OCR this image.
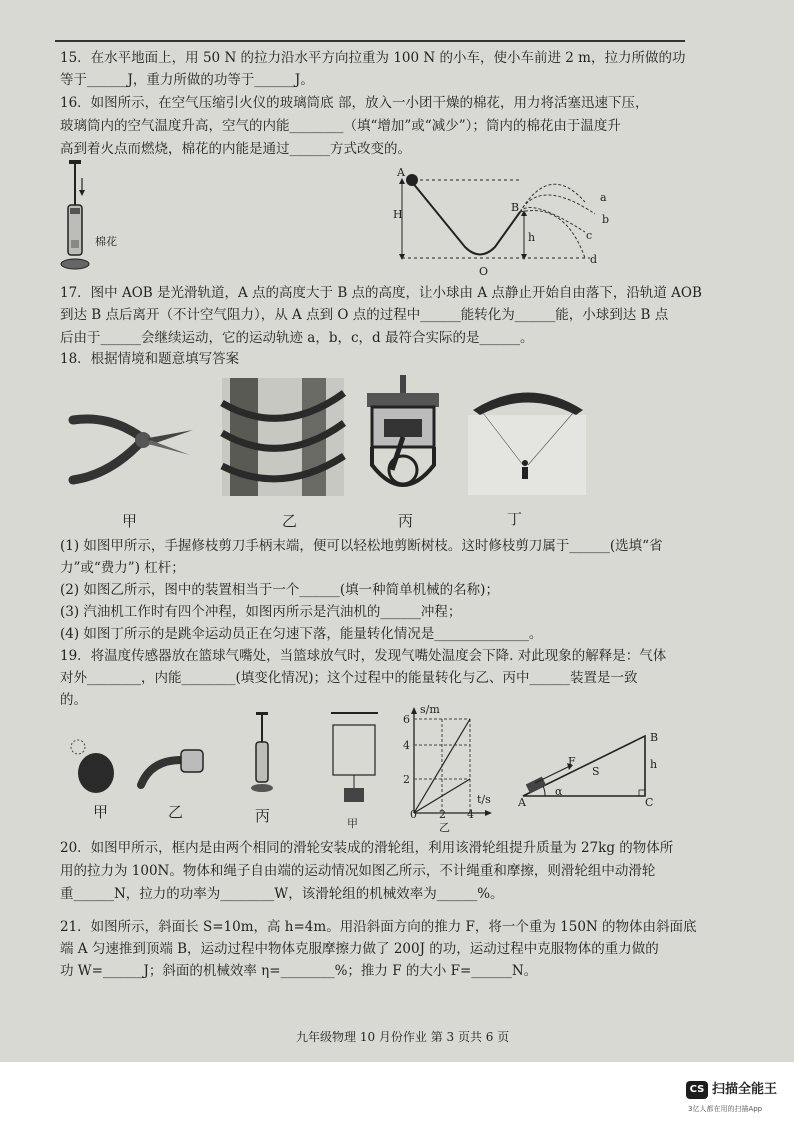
15．在水平地面上，用 50 N 的拉力沿水平方向拉重为 100 N 的小车，使小车前进 2 m，拉力所做的功
等于______J，重力所做的功等于______J。
16．如图所示，在空气压缩引火仪的玻璃筒底 部，放入一小团干燥的棉花，用力将活塞迅速下压，
玻璃筒内的空气温度升高，空气的内能________（填“增加”或“减少”）；筒内的棉花由于温度升
高到着火点而燃烧，棉花的内能是通过______方式改变的。
棉花
A
H
B
h
O
a
b
c
d
17．图中 AOB 是光滑轨道，A 点的高度大于 B 点的高度，让小球由 A 点静止开始自由落下，沿轨道 AOB
到达 B 点后离开（不计空气阻力），从 A 点到 O 点的过程中______能转化为______能，小球到达 B 点
后由于______会继续运动，它的运动轨迹 a，b，c，d 最符合实际的是______。
18．根据情境和题意填写答案
甲	乙	丙	丁
(1) 如图甲所示，手握修枝剪刀手柄末端，便可以轻松地剪断树枝。这时修枝剪刀属于______(选填“省
力”或“费力”) 杠杆；
(2) 如图乙所示，图中的装置相当于一个______(填一种简单机械的名称)；
(3) 汽油机工作时有四个冲程，如图丙所示是汽油机的______冲程；
(4) 如图丁所示的是跳伞运动员正在匀速下落，能量转化情况是______________。
19．将温度传感器放在篮球气嘴处，当篮球放气时，发现气嘴处温度会下降. 对此现象的解释是：气体
对外________，内能________(填变化情况)；这个过程中的能量转化与乙、丙中______装置是一致
的。
甲	乙	丙	甲
s/m
t/s
2
4
6
0 2 4
乙
A
B
C
F
S
h
α
20．如图甲所示，框内是由两个相同的滑轮安装成的滑轮组，利用该滑轮组提升质量为 27kg 的物体所
用的拉力为 100N。物体和绳子自由端的运动情况如图乙所示，不计绳重和摩擦，则滑轮组中动滑轮
重______N，拉力的功率为________W，该滑轮组的机械效率为______%。
21．如图所示，斜面长 S=10m，高 h=4m。用沿斜面方向的推力 F，将一个重为 150N 的物体由斜面底
端 A 匀速推到顶端 B，运动过程中物体克服摩擦力做了 200J 的功，运动过程中克服物体的重力做的
功 W=______J；斜面的机械效率 η=________%；推力 F 的大小 F=______N。
九年级物理 10 月份作业 第 3 页共 6 页
CS 扫描全能王
3亿人都在用的扫描App
